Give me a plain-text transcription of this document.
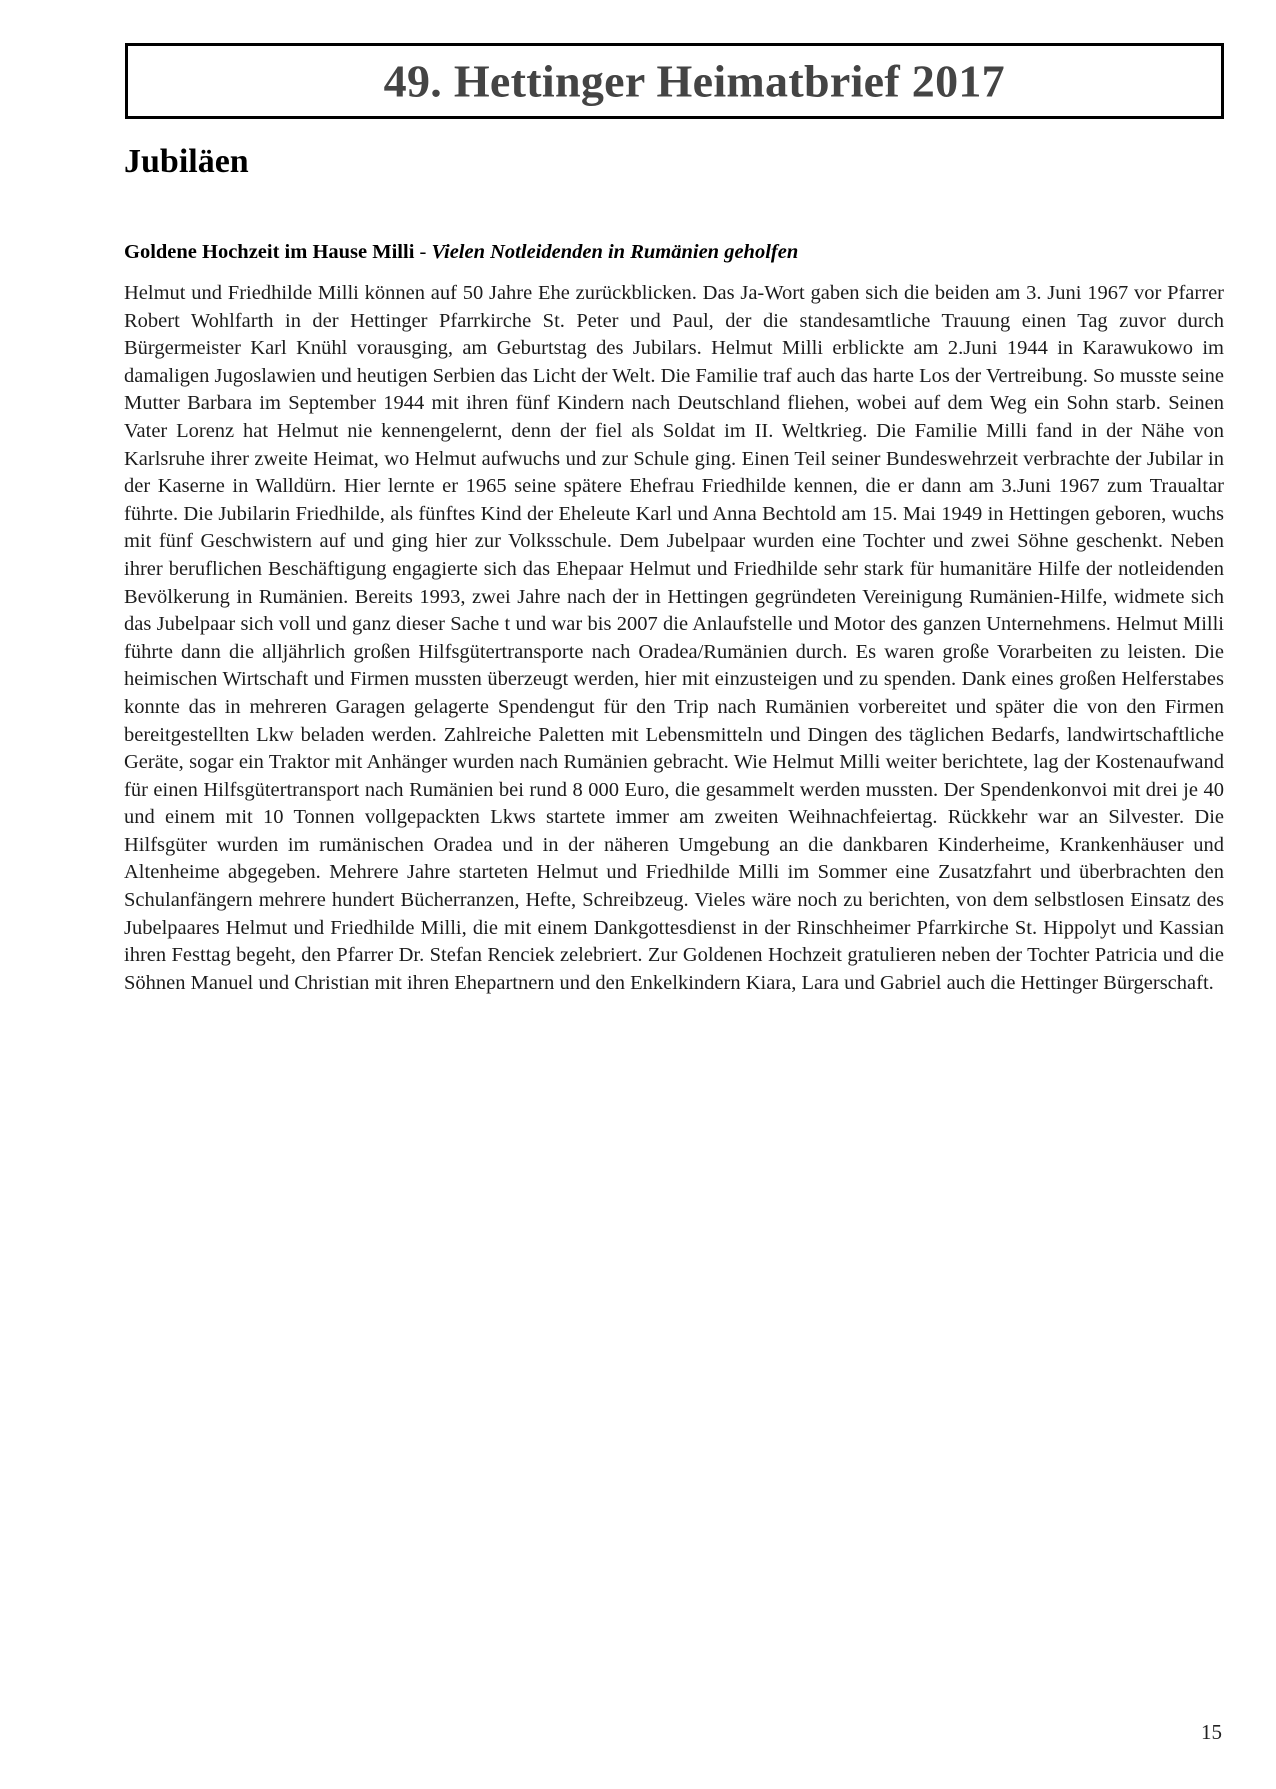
49. Hettinger Heimatbrief 2017
Jubiläen

Goldene Hochzeit im Hause Milli - Vielen Notleidenden in Rumänien geholfen

Helmut und Friedhilde Milli können auf 50 Jahre Ehe zurückblicken. Das Ja-Wort gaben sich die beiden am 3. Juni 1967 vor Pfarrer Robert Wohlfarth in der Hettinger Pfarrkirche St. Peter und Paul, der die standesamtliche Trauung einen Tag zuvor durch Bürgermeister Karl Knühl vorausging, am Geburtstag des Jubilars. Helmut Milli erblickte am 2.Juni 1944 in Karawukowo im damaligen Jugoslawien und heutigen Serbien das Licht der Welt. Die Familie traf auch das harte Los der Vertreibung. So musste seine Mutter Barbara im September 1944 mit ihren fünf Kindern nach Deutschland fliehen, wobei auf dem Weg ein Sohn starb. Seinen Vater Lorenz hat Helmut nie kennengelernt, denn der fiel als Soldat im II. Weltkrieg. Die Familie Milli fand in der Nähe von Karlsruhe ihrer zweite Heimat, wo Helmut aufwuchs und zur Schule ging. Einen Teil seiner Bundeswehrzeit verbrachte der Jubilar in der Kaserne in Walldürn. Hier lernte er 1965 seine spätere Ehefrau Friedhilde kennen, die er dann am 3.Juni 1967 zum Traualtar führte. Die Jubilarin Friedhilde, als fünftes Kind der Eheleute Karl und Anna Bechtold am 15. Mai 1949 in Hettingen geboren, wuchs mit fünf Geschwistern auf und ging hier zur Volksschule. Dem Jubelpaar wurden eine Tochter und zwei Söhne geschenkt. Neben ihrer beruflichen Beschäftigung engagierte sich das Ehepaar Helmut und Friedhilde sehr stark für humanitäre Hilfe der notleidenden Bevölkerung in Rumänien. Bereits 1993, zwei Jahre nach der in Hettingen gegründeten Vereinigung Rumänien-Hilfe, widmete sich das Jubelpaar sich voll und ganz dieser Sache t und war bis 2007 die Anlaufstelle und Motor des ganzen Unternehmens. Helmut Milli führte dann die alljährlich großen Hilfsgütertransporte nach Oradea/Rumänien durch. Es waren große Vorarbeiten zu leisten. Die heimischen Wirtschaft und Firmen mussten überzeugt werden, hier mit einzusteigen und zu spenden. Dank eines großen Helferstabes konnte das in mehreren Garagen gelagerte Spendengut für den Trip nach Rumänien vorbereitet und später die von den Firmen bereitgestellten Lkw beladen werden. Zahlreiche Paletten mit Lebensmitteln und Dingen des täglichen Bedarfs, landwirtschaftliche Geräte, sogar ein Traktor mit Anhänger wurden nach Rumänien gebracht. Wie Helmut Milli weiter berichtete, lag der Kostenaufwand für einen Hilfsgütertransport nach Rumänien bei rund 8 000 Euro, die gesammelt werden mussten. Der Spendenkonvoi mit drei je 40 und einem mit 10 Tonnen vollgepackten Lkws startete immer am zweiten Weihnachfeiertag. Rückkehr war an Silvester. Die Hilfsgüter wurden im rumänischen Oradea und in der näheren Umgebung an die dankbaren Kinderheime, Krankenhäuser und Altenheime abgegeben. Mehrere Jahre starteten Helmut und Friedhilde Milli im Sommer eine Zusatzfahrt und überbrachten den Schulanfängern mehrere hundert Bücherranzen, Hefte, Schreibzeug. Vieles wäre noch zu berichten, von dem selbstlosen Einsatz des Jubelpaares Helmut und Friedhilde Milli, die mit einem Dankgottesdienst in der Rinschheimer Pfarrkirche St. Hippolyt und Kassian ihren Festtag begeht, den Pfarrer Dr. Stefan Renciek zelebriert. Zur Goldenen Hochzeit gratulieren neben der Tochter Patricia und die Söhnen Manuel und Christian mit ihren Ehepartnern und den Enkelkindern Kiara, Lara und Gabriel auch die Hettinger Bürgerschaft.

15
